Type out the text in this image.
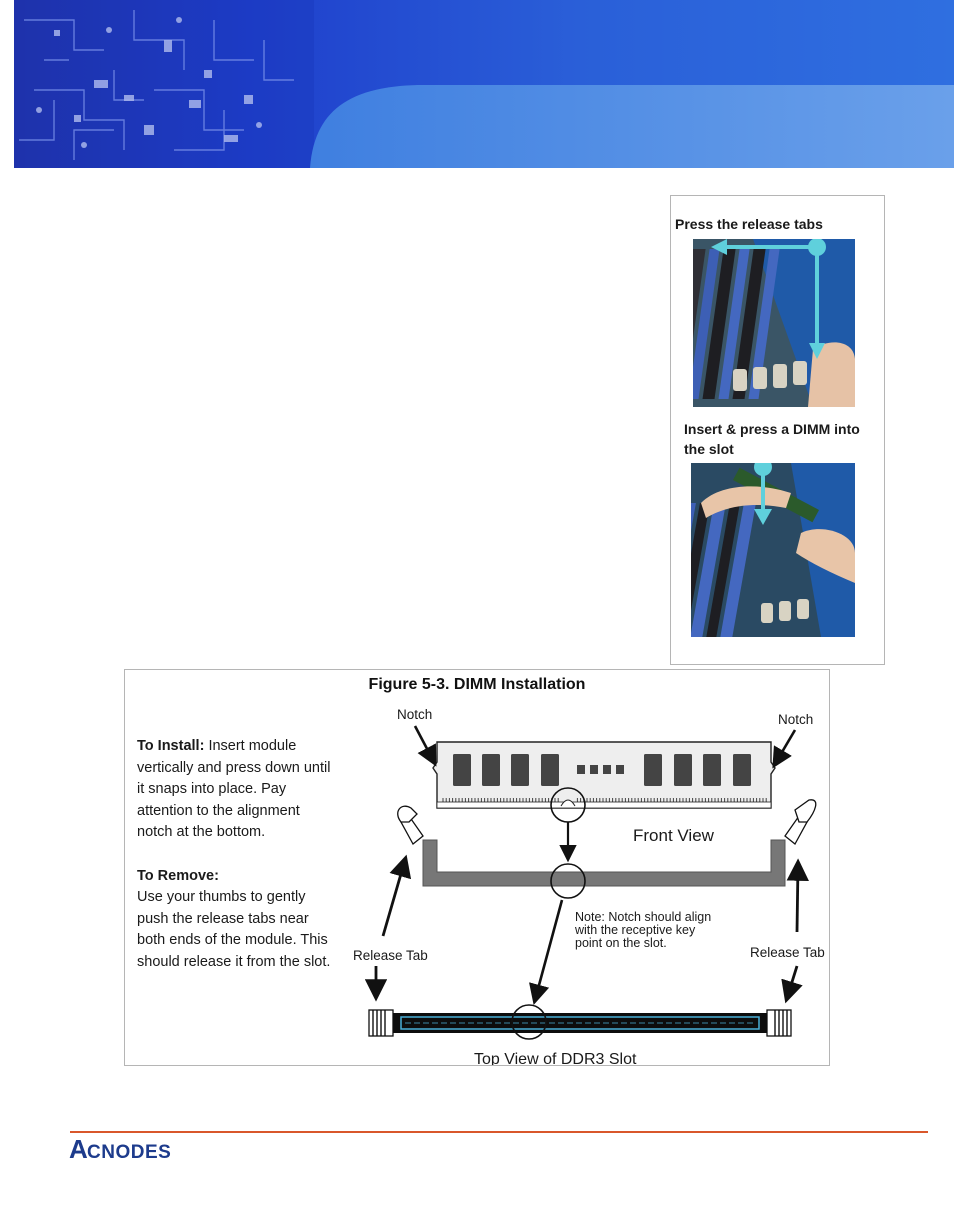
Press the release tabs
Insert & press a DIMM into the slot
Notch	Notch
Front View
Note: Notch should align
with the receptive key
point on the slot.
Release Tab	Release Tab
Top View of DDR3 Slot
Figure 5-3. DIMM Installation

To Install: Insert module vertically and press down until it snaps into place. Pay attention to the alignment notch at the bottom.

To Remove:
Use your thumbs to gently push the release tabs near both ends of the module. This should release it from the slot.

A CNODES
